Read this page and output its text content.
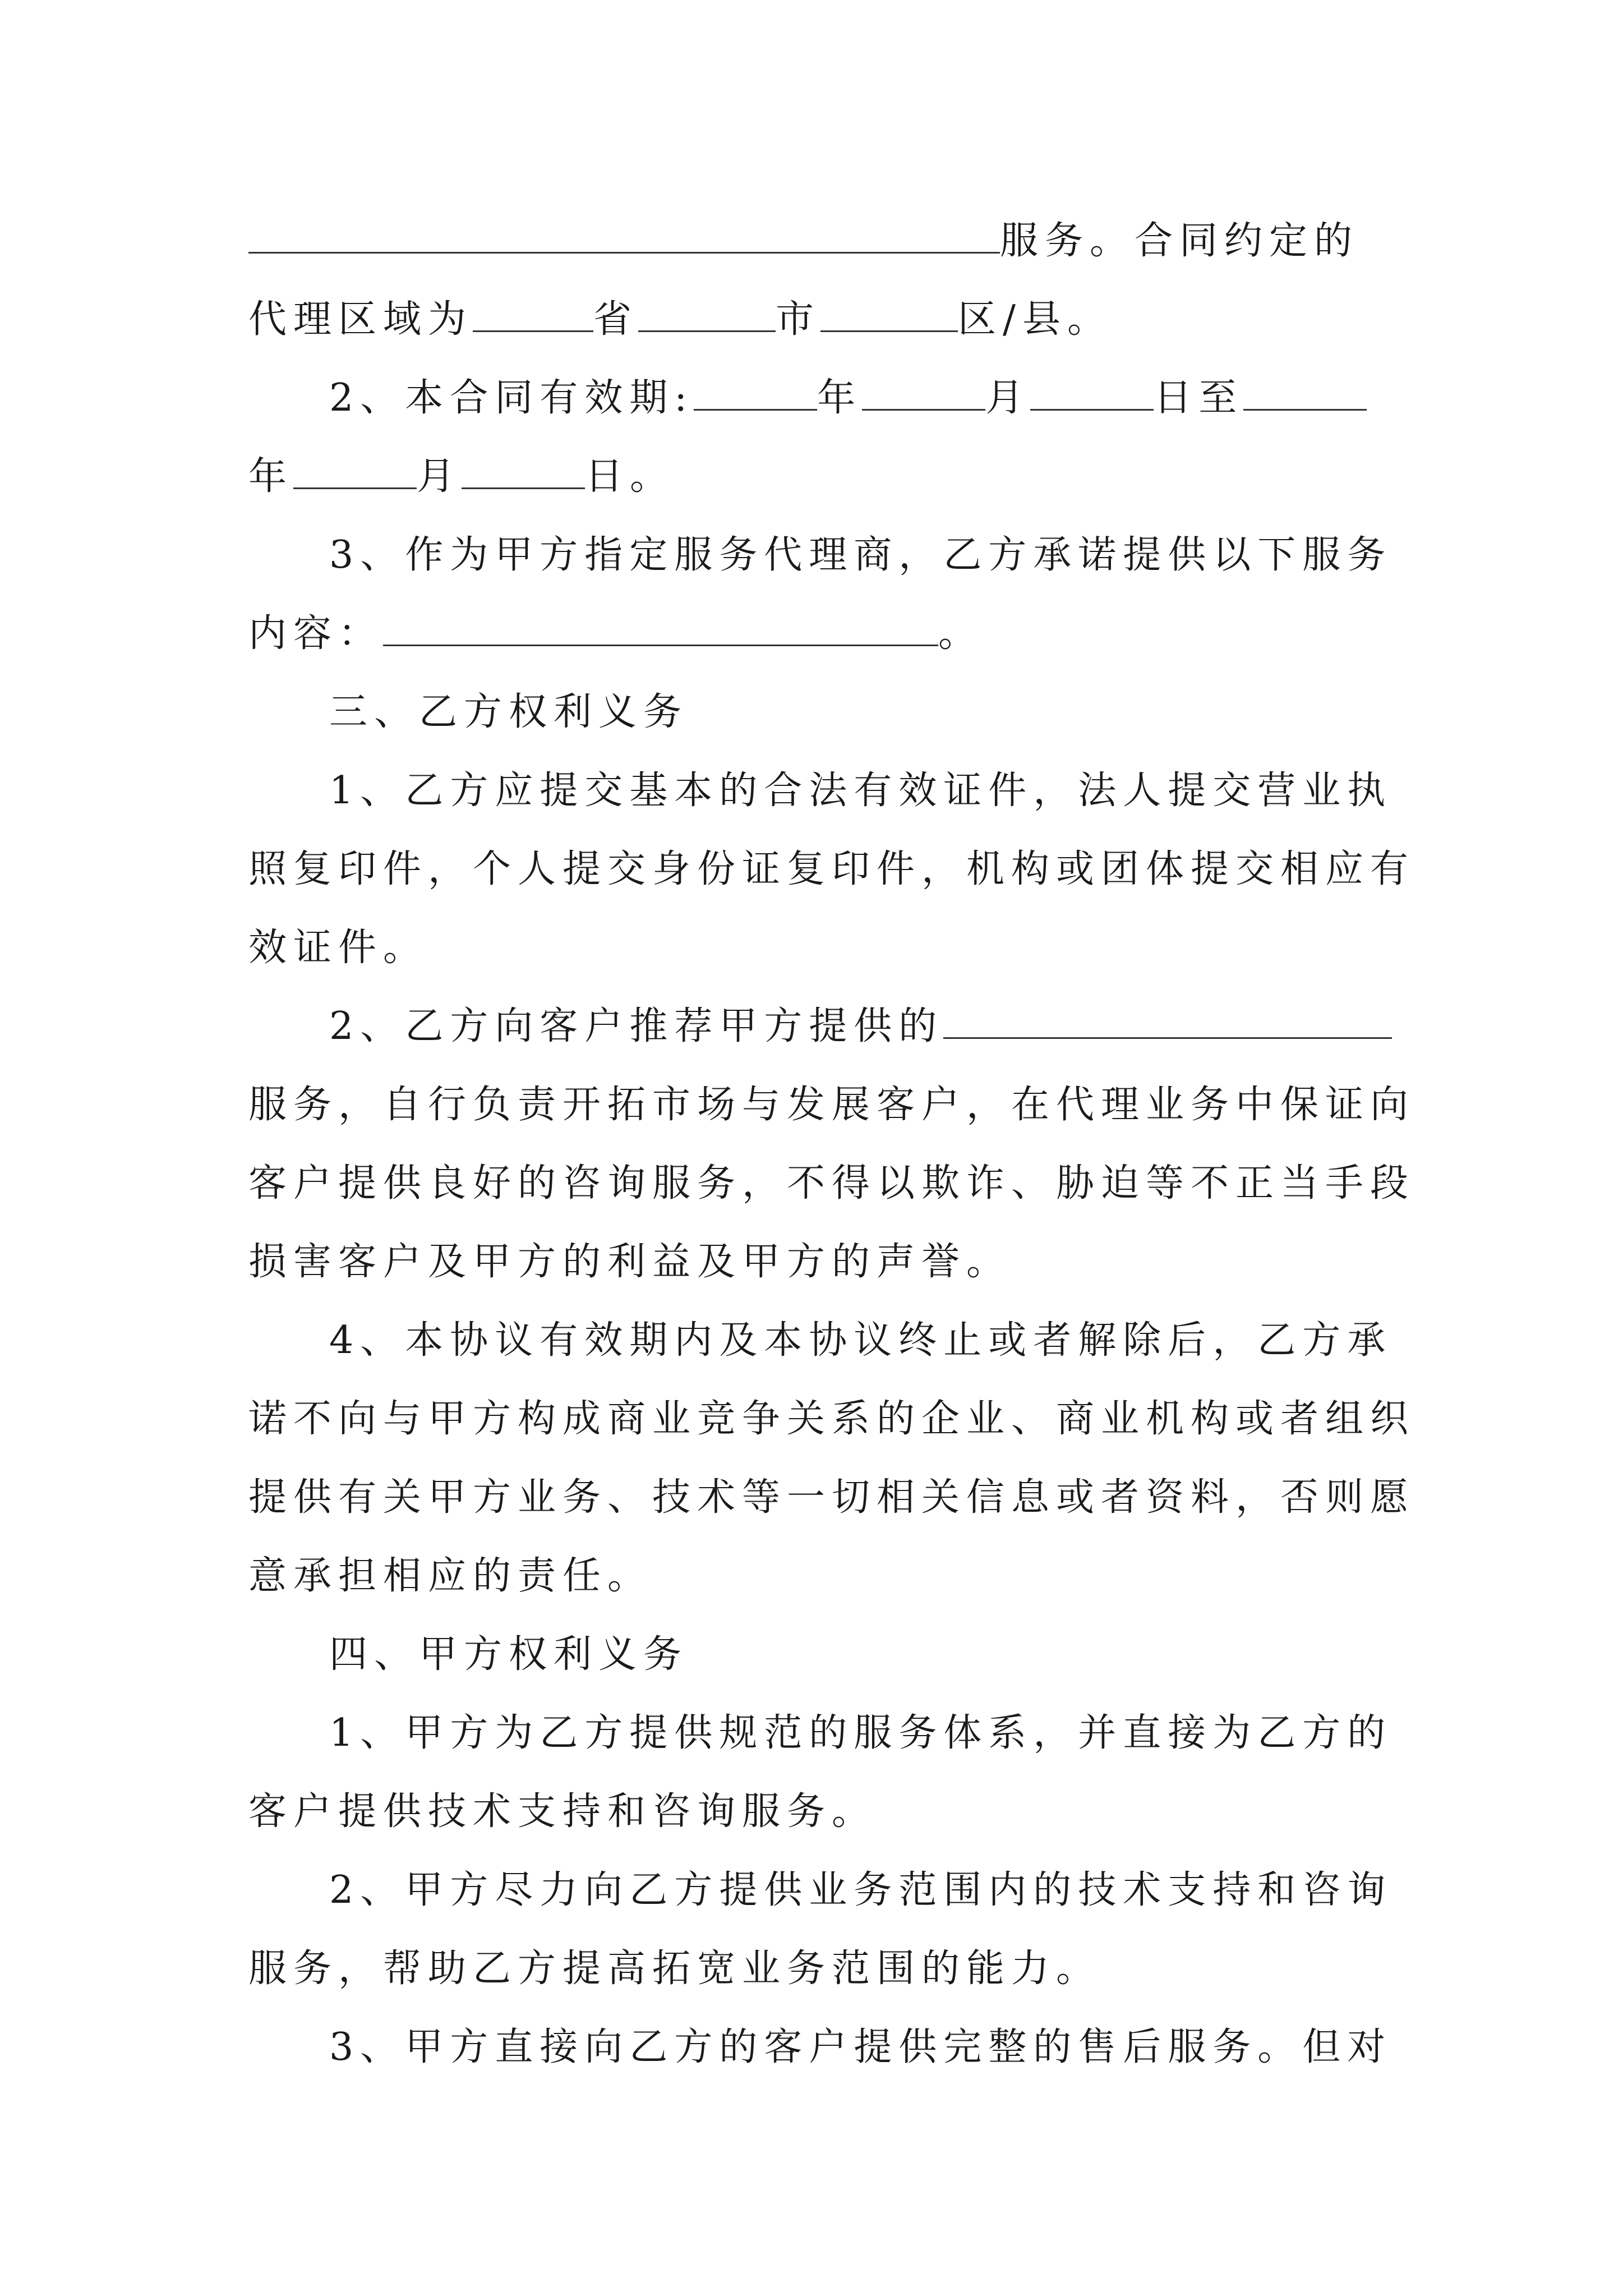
服务。合同约定的
代理区域为	省	市	区/县。
2、本合同有效期:	年	月	日至
年	月	日。
3、作为甲方指定服务代理商，乙方承诺提供以下服务
内容：	。
三、乙方权利义务
1、乙方应提交基本的合法有效证件，法人提交营业执
照复印件，个人提交身份证复印件，机构或团体提交相应有
效证件。
2、乙方向客户推荐甲方提供的
服务，自行负责开拓市场与发展客户，在代理业务中保证向
客户提供良好的咨询服务，不得以欺诈、胁迫等不正当手段
损害客户及甲方的利益及甲方的声誉。
4、本协议有效期内及本协议终止或者解除后，乙方承
诺不向与甲方构成商业竞争关系的企业、商业机构或者组织
提供有关甲方业务、技术等一切相关信息或者资料，否则愿
意承担相应的责任。
四、甲方权利义务
1、甲方为乙方提供规范的服务体系，并直接为乙方的
客户提供技术支持和咨询服务。
2、甲方尽力向乙方提供业务范围内的技术支持和咨询
服务，帮助乙方提高拓宽业务范围的能力。
3、甲方直接向乙方的客户提供完整的售后服务。但对
